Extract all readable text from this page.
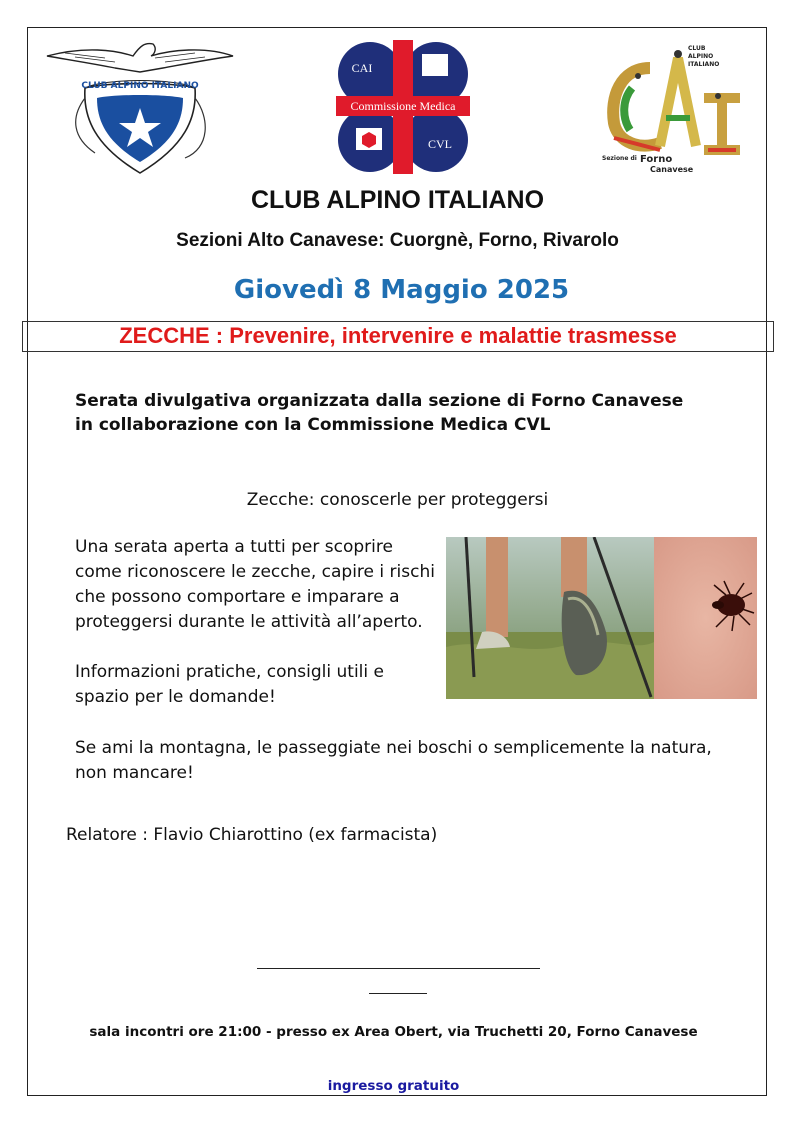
CLUB ALPINO ITALIANO
CAI
Commissione Medica
CVL
CLUB
ALPINO
ITALIANO
Sezione di Forno
Canavese
CLUB ALPINO ITALIANO
Sezioni Alto Canavese: Cuorgnè, Forno, Rivarolo
Giovedì 8 Maggio 2025
ZECCHE : Prevenire, intervenire e malattie trasmesse
Serata divulgativa organizzata dalla sezione di Forno Canavese
in collaborazione con la Commissione Medica CVL
Zecche: conoscerle per proteggersi
Una serata aperta a tutti per scoprire
come riconoscere le zecche, capire i rischi
che possono comportare e imparare a
proteggersi durante le attività all’aperto.
Informazioni pratiche, consigli utili e
spazio per le domande!
Se ami la montagna, le passeggiate nei boschi o semplicemente la natura,
non mancare!
Relatore : Flavio Chiarottino (ex farmacista)
sala incontri ore 21:00 - presso ex Area Obert, via Truchetti 20, Forno Canavese
ingresso gratuito
